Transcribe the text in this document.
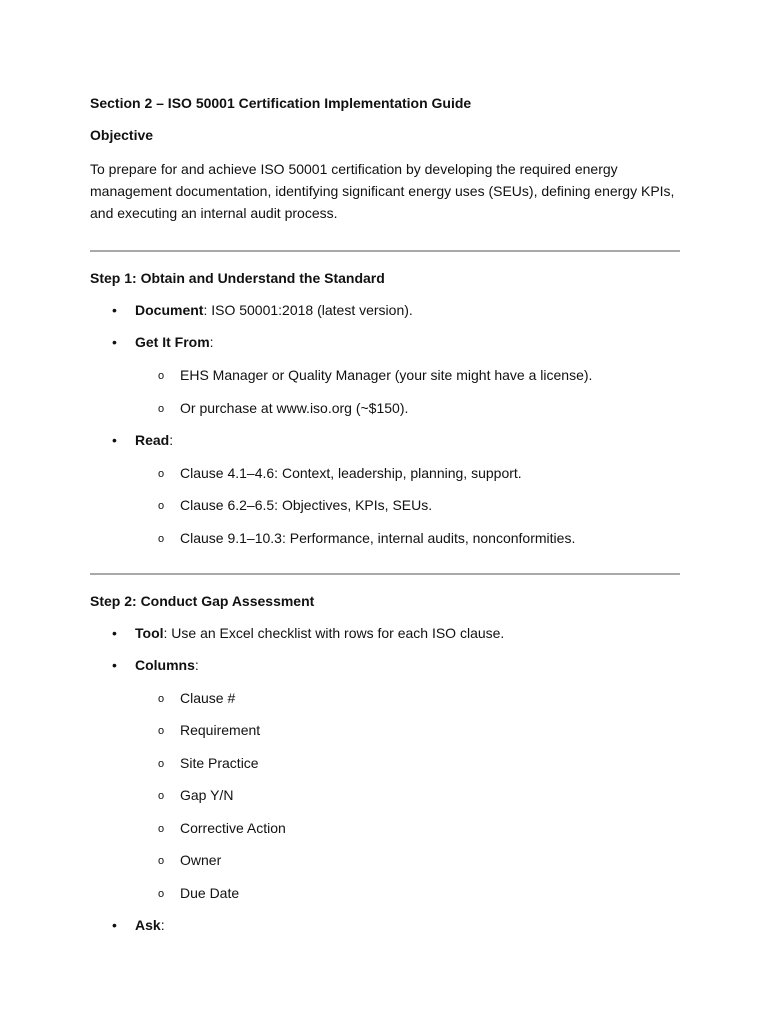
Section 2 – ISO 50001 Certification Implementation Guide

Objective

To prepare for and achieve ISO 50001 certification by developing the required energy management documentation, identifying significant energy uses (SEUs), defining energy KPIs, and executing an internal audit process.

Step 1: Obtain and Understand the Standard

• Document: ISO 50001:2018 (latest version).
• Get It From:
o EHS Manager or Quality Manager (your site might have a license).
o Or purchase at www.iso.org (~$150).
• Read:
o Clause 4.1–4.6: Context, leadership, planning, support.
o Clause 6.2–6.5: Objectives, KPIs, SEUs.
o Clause 9.1–10.3: Performance, internal audits, nonconformities.

Step 2: Conduct Gap Assessment

• Tool: Use an Excel checklist with rows for each ISO clause.
• Columns:
o Clause #
o Requirement
o Site Practice
o Gap Y/N
o Corrective Action
o Owner
o Due Date
• Ask:
